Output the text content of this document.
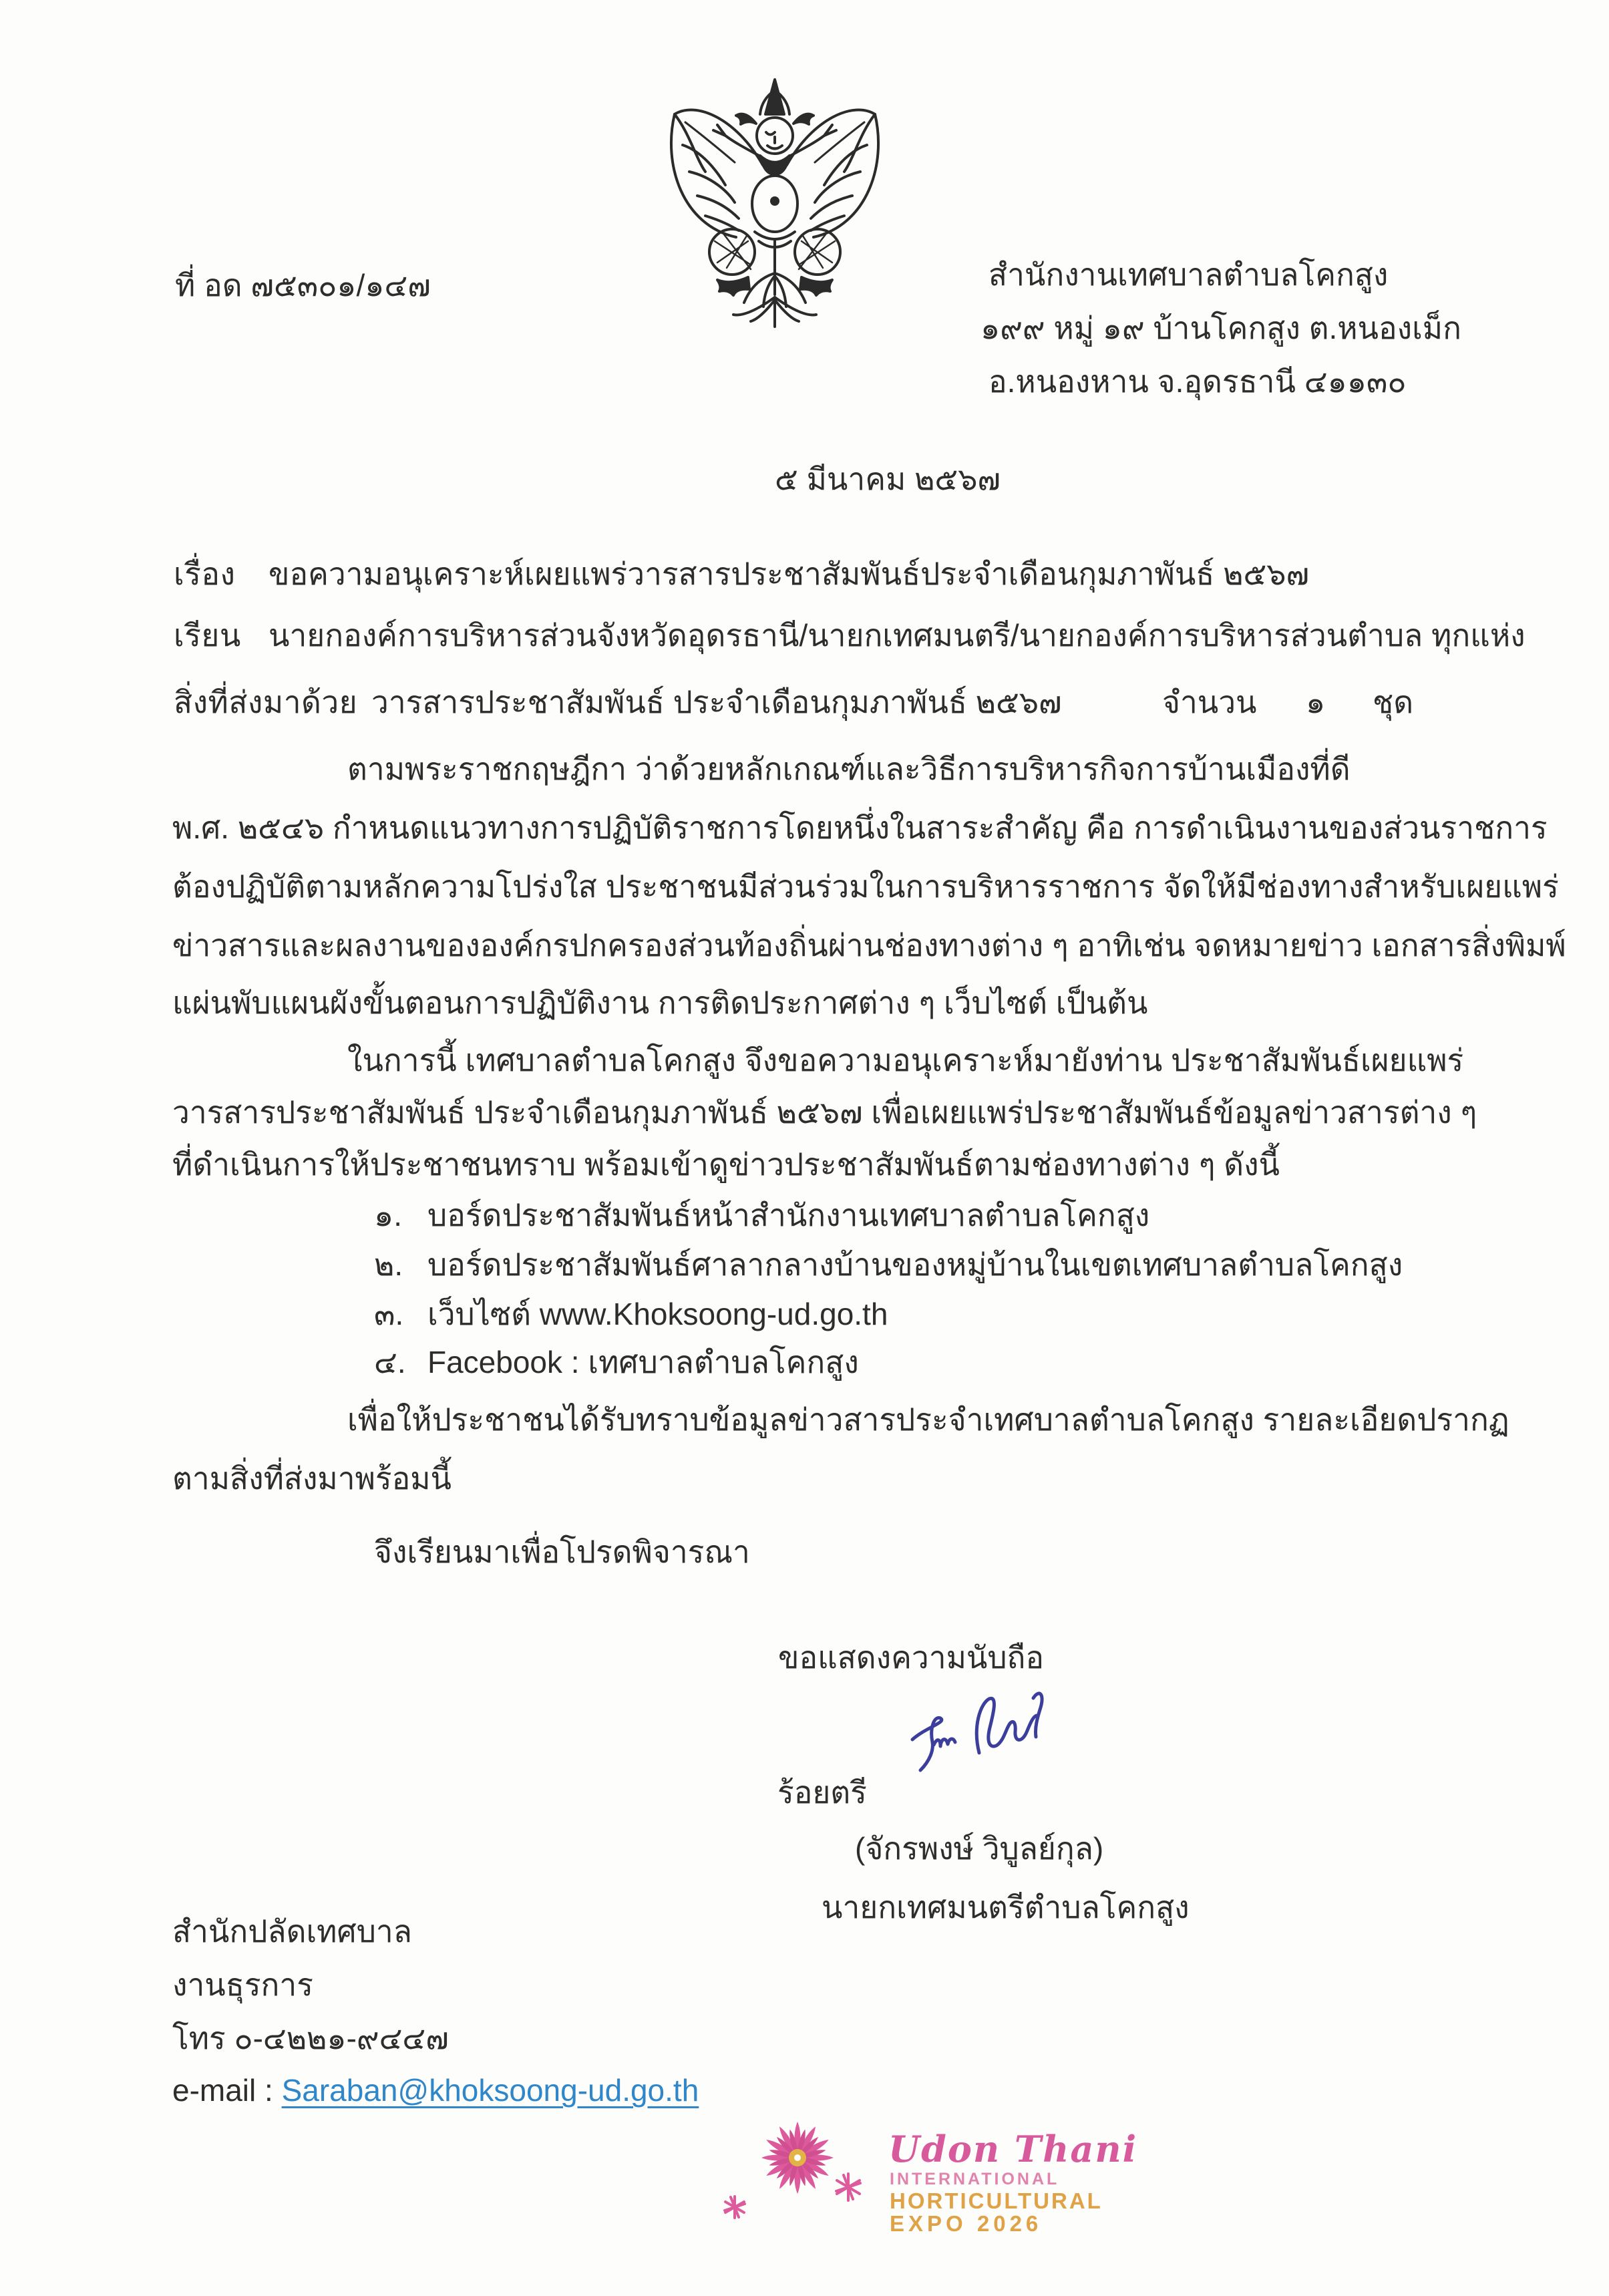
ที่ อด ๗๕๓๐๑/๑๔๗	สำนักงานเทศบาลตำบลโคกสูง
๑๙๙ หมู่ ๑๙ บ้านโคกสูง ต.หนองเม็ก
อ.หนองหาน จ.อุดรธานี ๔๑๑๓๐
๕ มีนาคม ๒๕๖๗
เรื่อง ขอความอนุเคราะห์เผยแพร่วารสารประชาสัมพันธ์ประจำเดือนกุมภาพันธ์ ๒๕๖๗
เรียน นายกองค์การบริหารส่วนจังหวัดอุดรธานี/นายกเทศมนตรี/นายกองค์การบริหารส่วนตำบล ทุกแห่ง
สิ่งที่ส่งมาด้วย วารสารประชาสัมพันธ์ ประจำเดือนกุมภาพันธ์ ๒๕๖๗	จำนวน ๑ ชุด
ตามพระราชกฤษฎีกา ว่าด้วยหลักเกณฑ์และวิธีการบริหารกิจการบ้านเมืองที่ดี
พ.ศ. ๒๕๔๖ กำหนดแนวทางการปฏิบัติราชการโดยหนึ่งในสาระสำคัญ คือ การดำเนินงานของส่วนราชการ
ต้องปฏิบัติตามหลักความโปร่งใส ประชาชนมีส่วนร่วมในการบริหารราชการ จัดให้มีช่องทางสำหรับเผยแพร่
ข่าวสารและผลงานขององค์กรปกครองส่วนท้องถิ่นผ่านช่องทางต่าง ๆ อาทิเช่น จดหมายข่าว เอกสารสิ่งพิมพ์
แผ่นพับแผนผังขั้นตอนการปฏิบัติงาน การติดประกาศต่าง ๆ เว็บไซต์ เป็นต้น
ในการนี้ เทศบาลตำบลโคกสูง จึงขอความอนุเคราะห์มายังท่าน ประชาสัมพันธ์เผยแพร่
วารสารประชาสัมพันธ์ ประจำเดือนกุมภาพันธ์ ๒๕๖๗ เพื่อเผยแพร่ประชาสัมพันธ์ข้อมูลข่าวสารต่าง ๆ
ที่ดำเนินการให้ประชาชนทราบ พร้อมเข้าดูข่าวประชาสัมพันธ์ตามช่องทางต่าง ๆ ดังนี้
๑. บอร์ดประชาสัมพันธ์หน้าสำนักงานเทศบาลตำบลโคกสูง
๒. บอร์ดประชาสัมพันธ์ศาลากลางบ้านของหมู่บ้านในเขตเทศบาลตำบลโคกสูง
๓. เว็บไซต์ www.Khoksoong-ud.go.th
๔. Facebook : เทศบาลตำบลโคกสูง
เพื่อให้ประชาชนได้รับทราบข้อมูลข่าวสารประจำเทศบาลตำบลโคกสูง รายละเอียดปรากฏ
ตามสิ่งที่ส่งมาพร้อมนี้
จึงเรียนมาเพื่อโปรดพิจารณา
ขอแสดงความนับถือ
ร้อยตรี
(จักรพงษ์ วิบูลย์กุล)
นายกเทศมนตรีตำบลโคกสูง
สำนักปลัดเทศบาล
งานธุรการ
โทร ๐-๔๒๒๑-๙๔๔๗
e-mail : Saraban@khoksoong-ud.go.th
Udon Thani
INTERNATIONAL
HORTICULTURAL
EXPO 2026
